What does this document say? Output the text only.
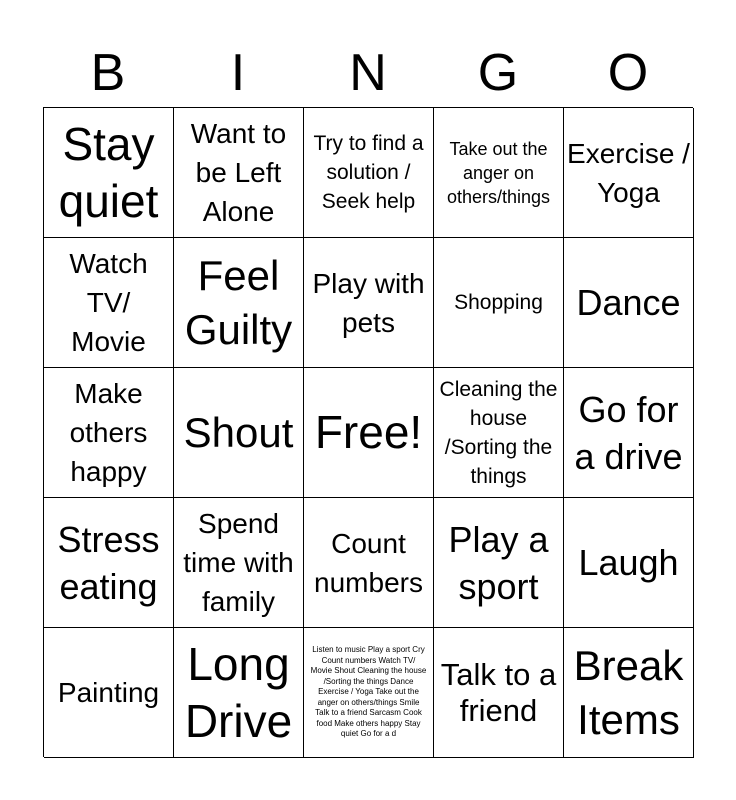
B	I	N	G	O
Stay quiet
Want to be Left Alone
Try to find a solution / Seek help
Take out the anger on others/things
Exercise / Yoga
Watch TV/ Movie
Feel Guilty
Play with pets
Shopping Dance
Make others happy
Shout Free!
Cleaning the house /Sorting the things
Go for a drive
Stress eating
Spend time with family
Count numbers
Play a sport
Laugh
Painting
Long Drive
Listen to music Play a sport Cry Count numbers Watch TV/ Movie Shout Cleaning the house /Sorting the things Dance Exercise / Yoga Take out the anger on others/things Smile Talk to a friend Sarcasm Cook food Make others happy Stay quiet Go for a d
Talk to a friend
Break Items
